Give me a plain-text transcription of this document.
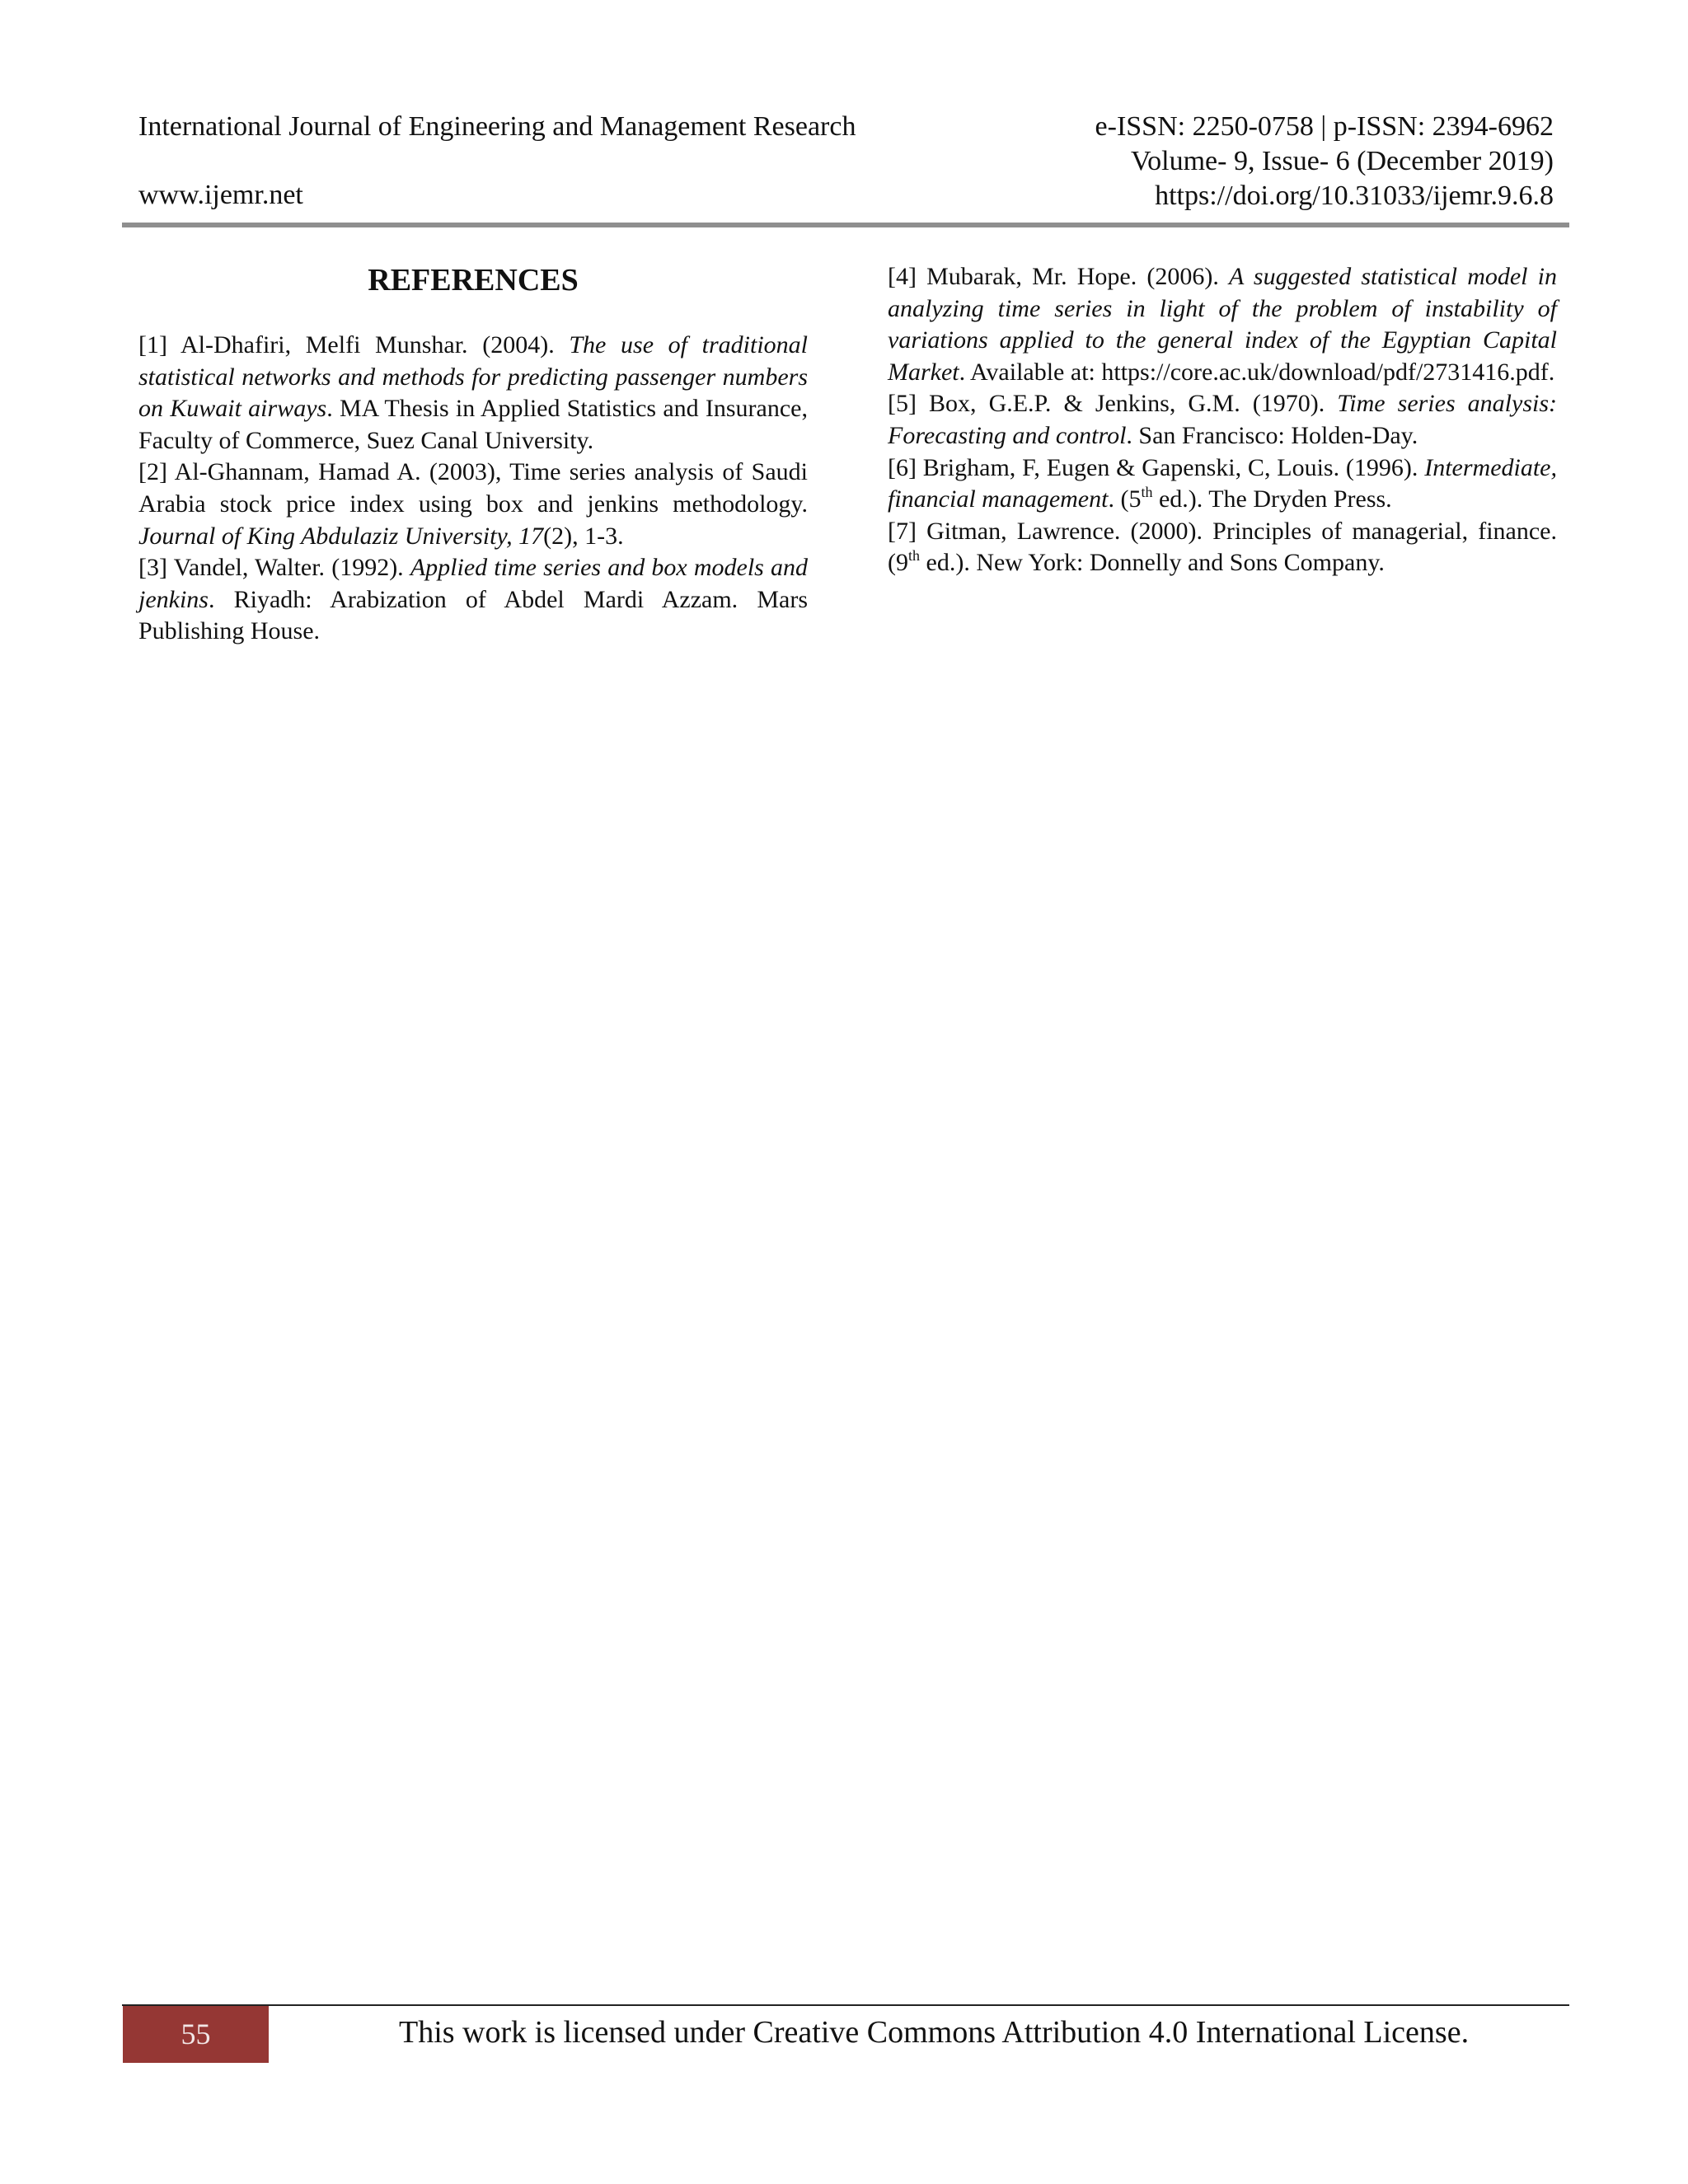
International Journal of Engineering and Management Research
www.ijemr.net
e-ISSN: 2250-0758 | p-ISSN: 2394-6962
Volume- 9, Issue- 6 (December 2019)
https://doi.org/10.31033/ijemr.9.6.8
REFERENCES

[1] Al-Dhafiri, Melfi Munshar. (2004). The use of traditional statistical networks and methods for predicting passenger numbers on Kuwait airways. MA Thesis in Applied Statistics and Insurance, Faculty of Commerce, Suez Canal University.

[2] Al-Ghannam, Hamad A. (2003), Time series analysis of Saudi Arabia stock price index using box and jenkins methodology. Journal of King Abdulaziz University, 17(2), 1-3.

[3] Vandel, Walter. (1992). Applied time series and box models and jenkins. Riyadh: Arabization of Abdel Mardi Azzam. Mars Publishing House.

[4] Mubarak, Mr. Hope. (2006). A suggested statistical model in analyzing time series in light of the problem of instability of variations applied to the general index of the Egyptian Capital Market. Available at: https://core.ac.uk/download/pdf/2731416.pdf.

[5] Box, G.E.P. & Jenkins, G.M. (1970). Time series analysis: Forecasting and control. San Francisco: Holden-Day.

[6] Brigham, F, Eugen & Gapenski, C, Louis. (1996). Intermediate, financial management. (5th ed.). The Dryden Press.

[7] Gitman, Lawrence. (2000). Principles of managerial, finance. (9th ed.). New York: Donnelly and Sons Company.

55	This work is licensed under Creative Commons Attribution 4.0 International License.
